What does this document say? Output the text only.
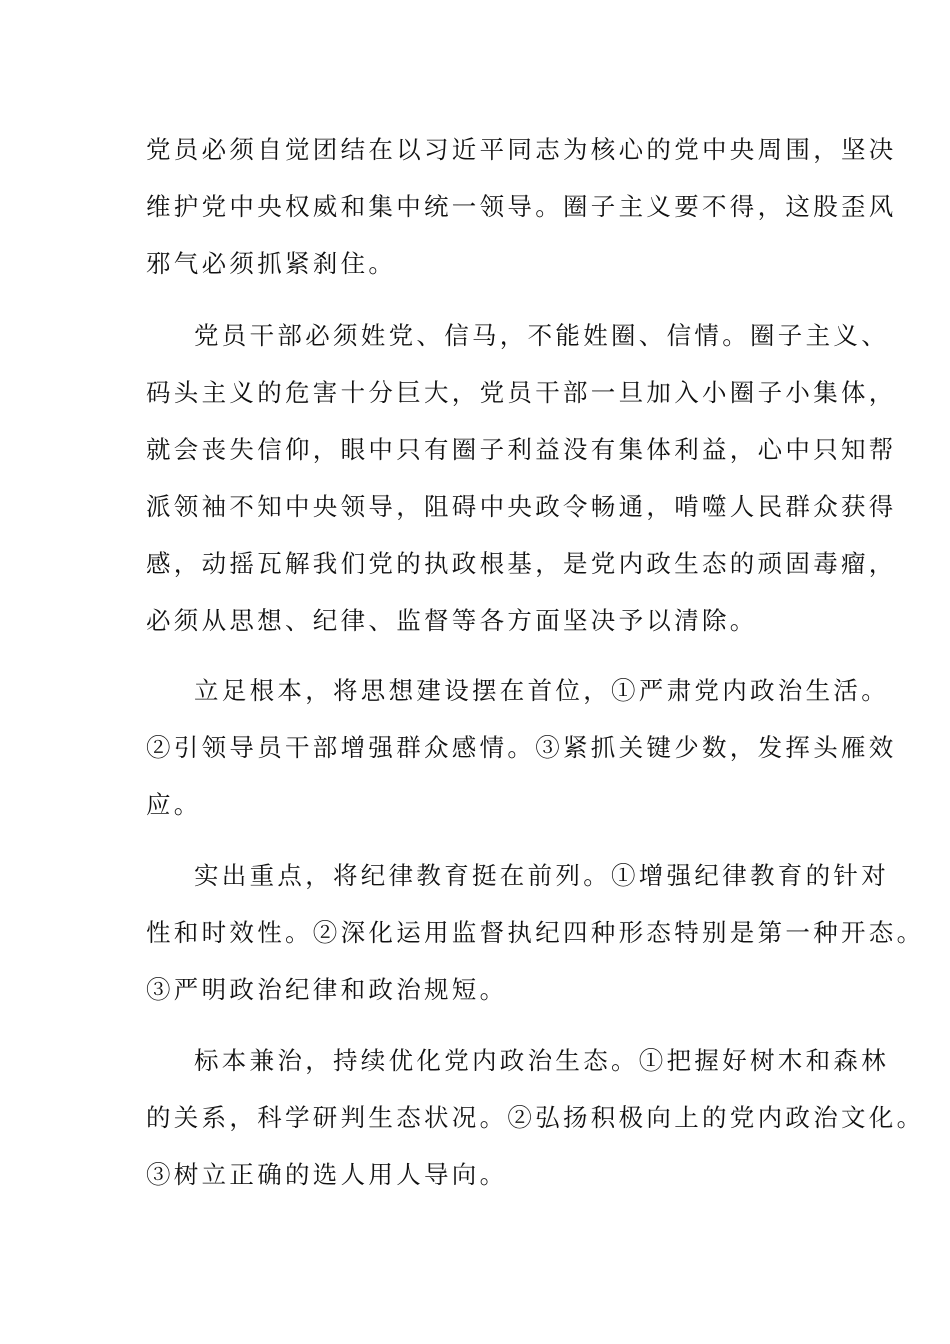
党员必须自觉团结在以习近平同志为核心的党中央周围，坚决
维护党中央权威和集中统一领导。圈子主义要不得，这股歪风
邪气必须抓紧刹住。
党员干部必须姓党、信马，不能姓圈、信情。圈子主义、
码头主义的危害十分巨大，党员干部一旦加入小圈子小集体，
就会丧失信仰，眼中只有圈子利益没有集体利益，心中只知帮
派领袖不知中央领导，阻碍中央政令畅通，啃噬人民群众获得
感，动摇瓦解我们党的执政根基，是党内政生态的顽固毒瘤，
必须从思想、纪律、监督等各方面坚决予以清除。
立足根本，将思想建设摆在首位，①严肃党内政治生活。
②引领导员干部增强群众感情。③紧抓关键少数，发挥头雁效
应。
实出重点，将纪律教育挺在前列。①增强纪律教育的针对
性和时效性。②深化运用监督执纪四种形态特别是第一种开态。
③严明政治纪律和政治规短。
标本兼治，持续优化党内政治生态。①把握好树木和森林
的关系，科学研判生态状况。②弘扬积极向上的党内政治文化。
③树立正确的选人用人导向。
